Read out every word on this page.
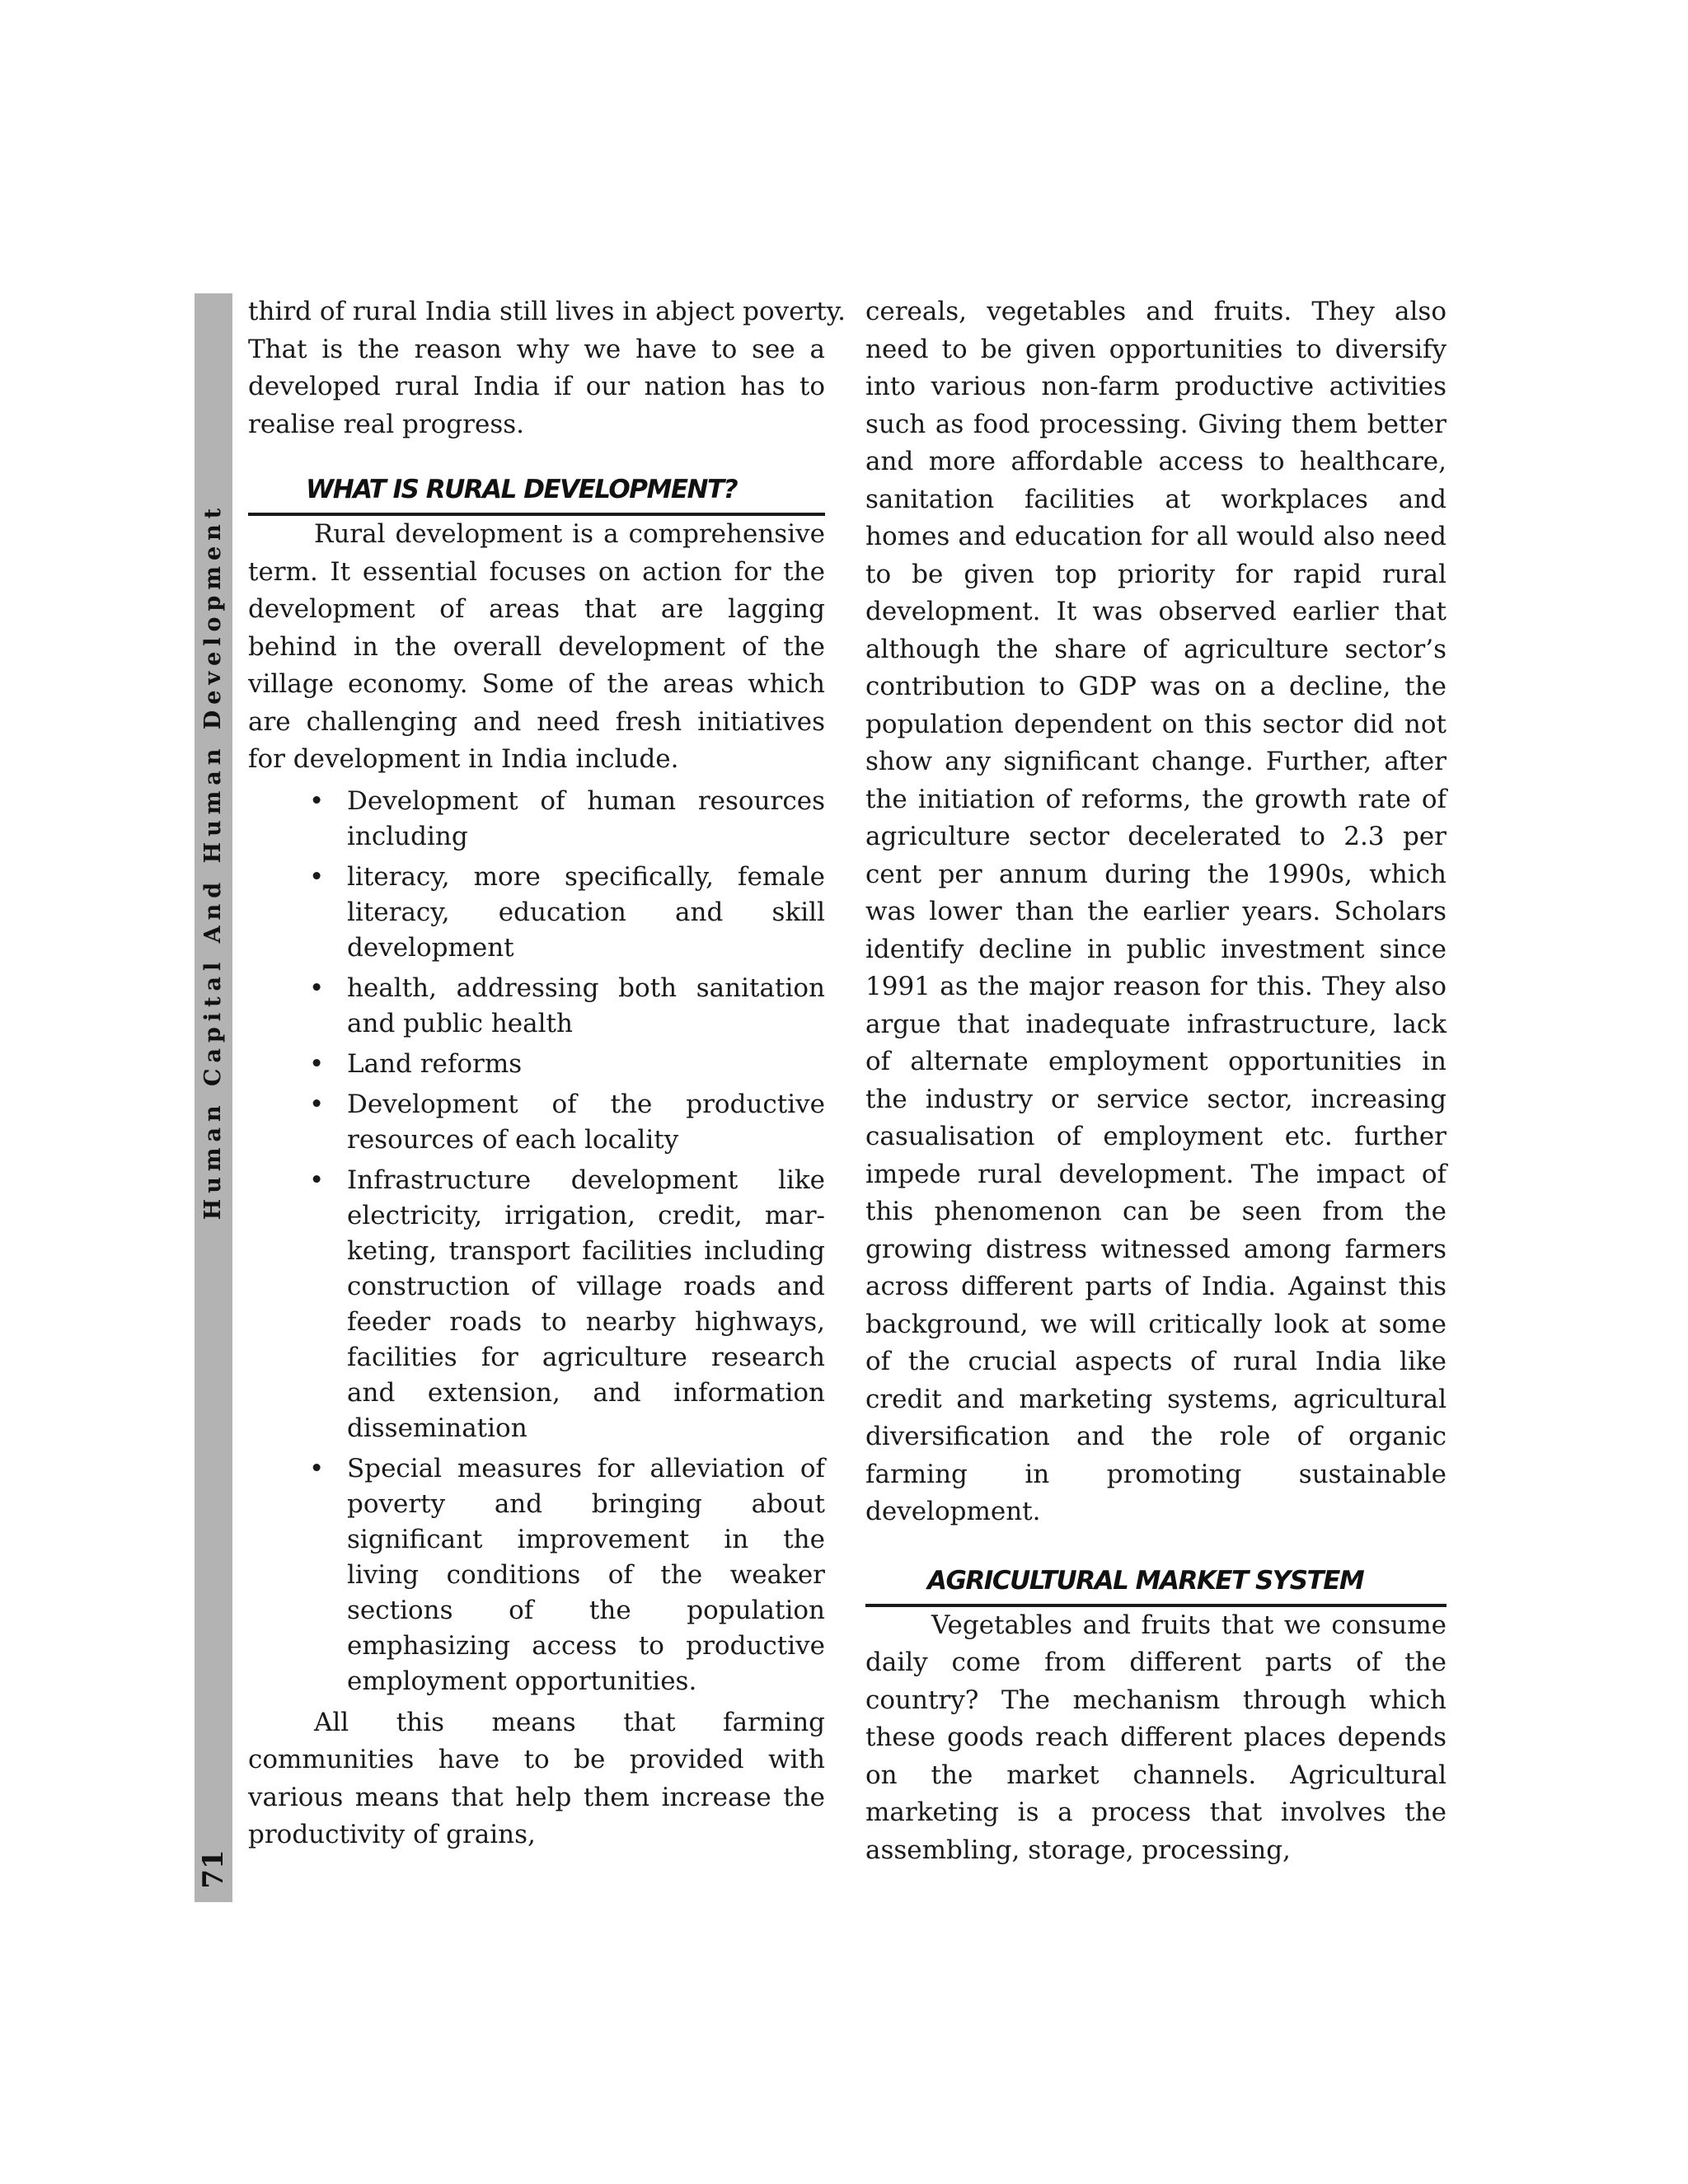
Human Capital And Human Development
71
third of rural India still lives in abject poverty.
That is the reason why we have to see a
developed rural India if our nation has to
realise real progress.
WHAT IS RURAL DEVELOPMENT?

Rural development is a comprehensive term. It essential focuses on action for the development of areas that are lagging behind in the overall development of the village economy. Some of the areas which are challenging and need fresh initiatives for development in India include.

• Development of human resources including
• literacy, more specifically, female literacy, education and skill development
• health, addressing both sanitation and public health
• Land reforms
• Development of the productive resources of each locality
• Infrastructure development like electricity, irrigation, credit, mar-keting, transport facilities including construction of village roads and feeder roads to nearby highways, facilities for agriculture research and extension, and information dissemination
• Special measures for alleviation of poverty and bringing about significant improvement in the living conditions of the weaker sections of the population emphasizing access to productive employment opportunities.

All this means that farming communities have to be provided with various means that help them increase the productivity of grains,

cereals, vegetables and fruits. They also need to be given opportunities to diversify into various non-farm productive activities such as food processing. Giving them better and more affordable access to healthcare, sanitation facilities at workplaces and homes and education for all would also need to be given top priority for rapid rural development. It was observed earlier that although the share of agriculture sector’s contribution to GDP was on a decline, the population dependent on this sector did not show any significant change. Further, after the initiation of reforms, the growth rate of agriculture sector decelerated to 2.3 per cent per annum during the 1990s, which was lower than the earlier years. Scholars identify decline in public investment since 1991 as the major reason for this. They also argue that inadequate infrastructure, lack of alternate employment opportunities in the industry or service sector, increasing casualisation of employment etc. further impede rural development. The impact of this phenomenon can be seen from the growing distress witnessed among farmers across different parts of India. Against this background, we will critically look at some of the crucial aspects of rural India like credit and marketing systems, agricultural diversification and the role of organic farming in promoting sustainable development.

AGRICULTURAL MARKET SYSTEM

Vegetables and fruits that we consume daily come from different parts of the country? The mechanism through which these goods reach different places depends on the market channels. Agricultural marketing is a process that involves the assembling, storage, processing,
